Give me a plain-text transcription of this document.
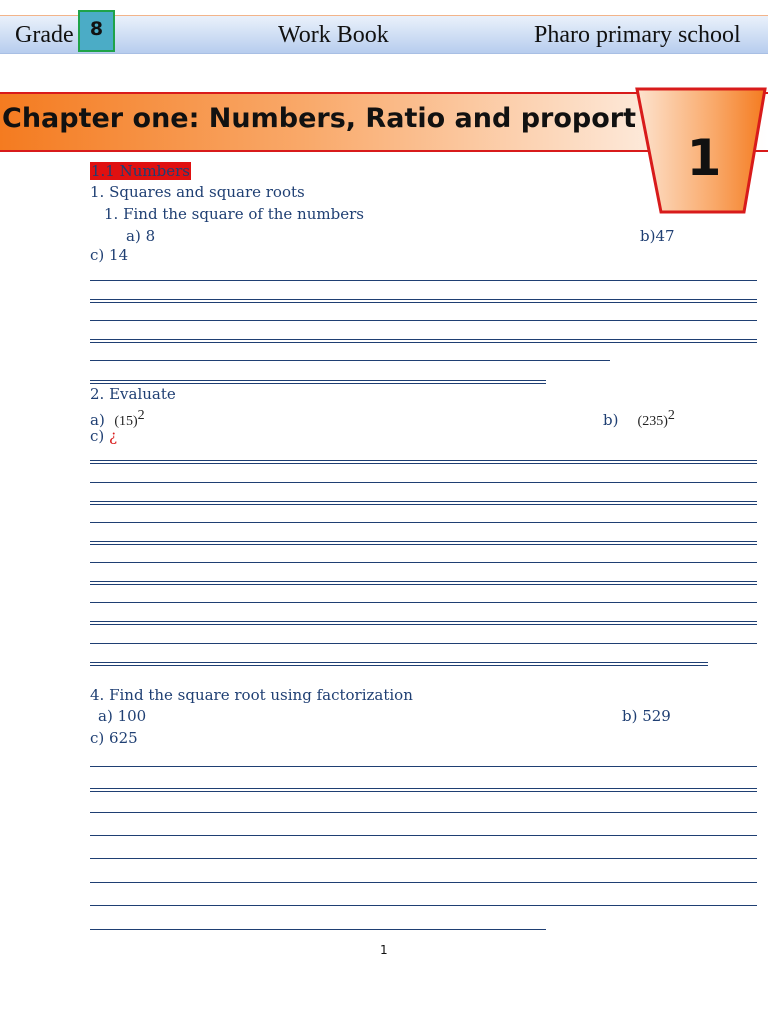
Grade 8	Work Book	Pharo primary school
Chapter one: Numbers, Ratio and proport
1
1.1 Numbers
1. Squares and square roots
1. Find the square of the numbers
a) 8	b)47
c) 14
2. Evaluate
a) $(15)^2$	b) $(235)^2$
c) ¿
4. Find the square root using factorization
a) 100	b) 529
c) 625
1
